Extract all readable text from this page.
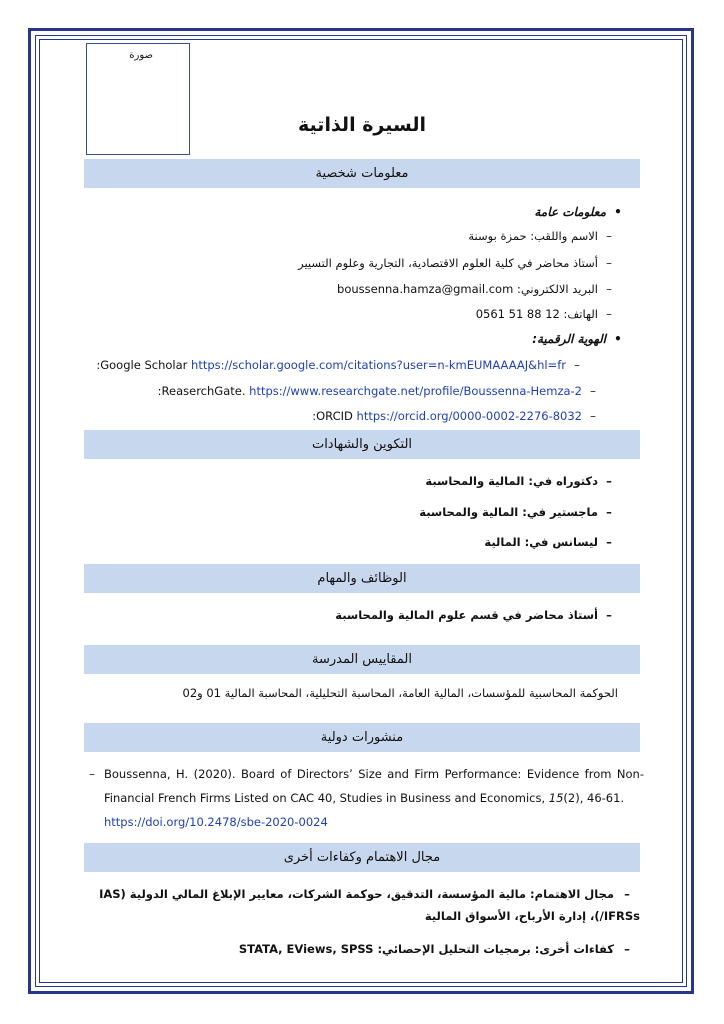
صورة
السيرة الذاتية
معلومات شخصية
•معلومات عامة
–الاسم واللقب: حمزة بوسنة
–أستاذ محاضر في كلية العلوم الاقتصادية، التجارية وعلوم التسيير
–البريد الالكتروني: boussenna.hamza@gmail.com
–الهاتف: 0561 51 88 12
•الهوية الرقمية:
–:Google Scholar https://scholar.google.com/citations?user=n-kmEUMAAAAJ&hl=fr
–:ReaserchGate. https://www.researchgate.net/profile/Boussenna-Hemza-2
–:ORCID https://orcid.org/0000-0002-2276-8032
التكوين والشهادات
–دكتوراه في: المالية والمحاسبة
–ماجستير في: المالية والمحاسبة
–ليسانس في: المالية
الوظائف والمهام
–أستاذ محاضر في قسم علوم المالية والمحاسبة
المقاييس المدرسة
الحوكمة المحاسبية للمؤسسات، المالية العامة، المحاسبة التحليلية، المحاسبة المالية 01 و02
منشورات دولية
– Boussenna, H. (2020). Board of Directors’ Size and Firm Performance: Evidence from Non-Financial French Firms Listed on CAC 40, Studies in Business and Economics, 15(2), 46-61.
https://doi.org/10.2478/sbe-2020-0024
مجال الاهتمام وكفاءات أخرى
–مجال الاهتمام: مالية المؤسسة، التدقيق، حوكمة الشركات، معايير الإبلاغ المالي الدولية (IAS /IFRSs)، إدارة الأرباح، الأسواق المالية
–كفاءات أخرى: برمجيات التحليل الإحصائي: STATA, EViews, SPSS
